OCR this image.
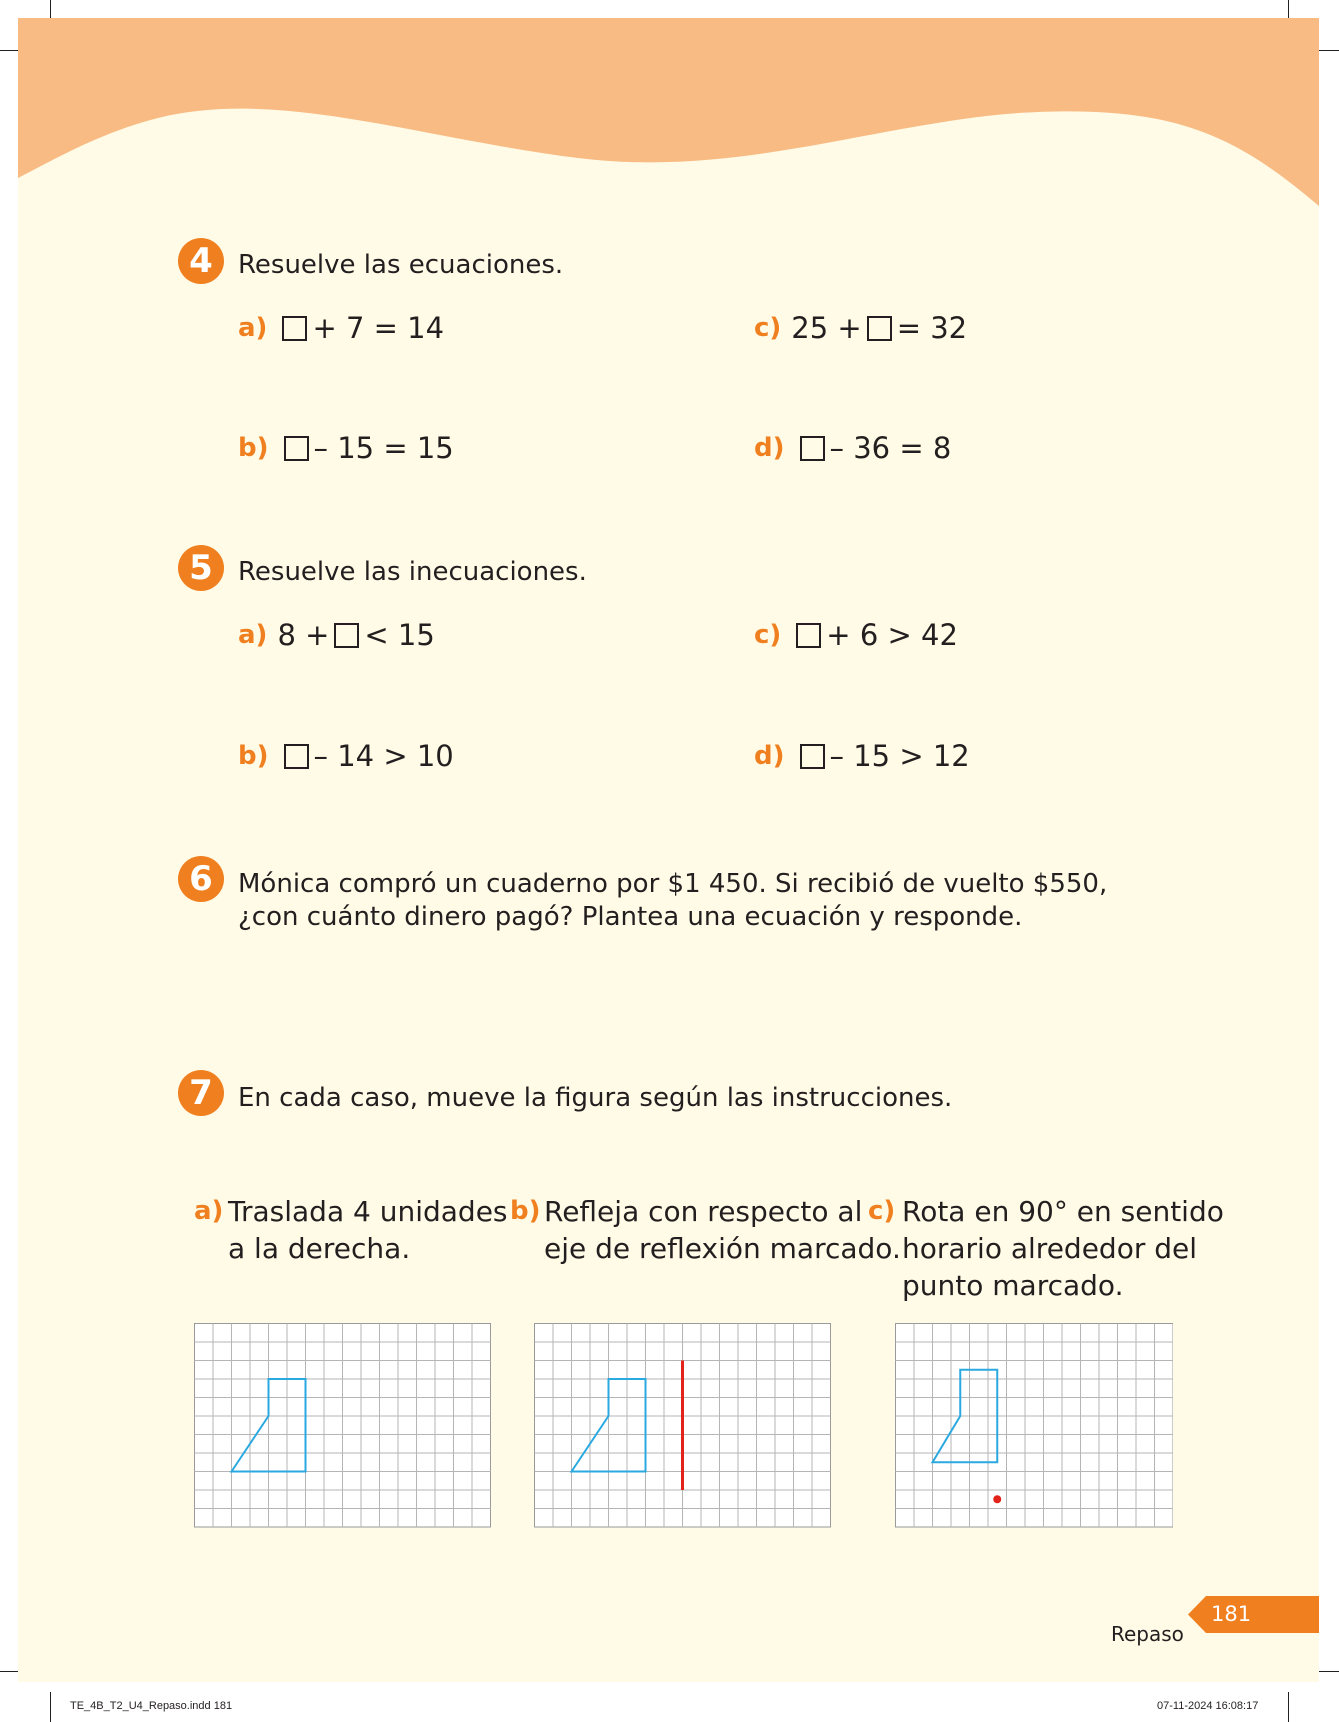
4 Resuelve las ecuaciones.
a) + 7 = 14
b) – 15 = 15
c) 25 + = 32
d) – 36 = 8
5 Resuelve las inecuaciones.
a) 8 + < 15
b) – 14 > 10
c) + 6 > 42
d) – 15 > 12
6 Mónica compró un cuaderno por $1 450. Si recibió de vuelto $550,
¿con cuánto dinero pagó? Plantea una ecuación y responde.
7 En cada caso, mueve la figura según las instrucciones.
a) Traslada 4 unidades
a la derecha.
b) Refleja con respecto al
eje de reflexión marcado.
c) Rota en 90° en sentido
horario alrededor del
punto marcado.
Repaso
181
TE_4B_T2_U4_Repaso.indd 181	07-11-2024 16:08:17
